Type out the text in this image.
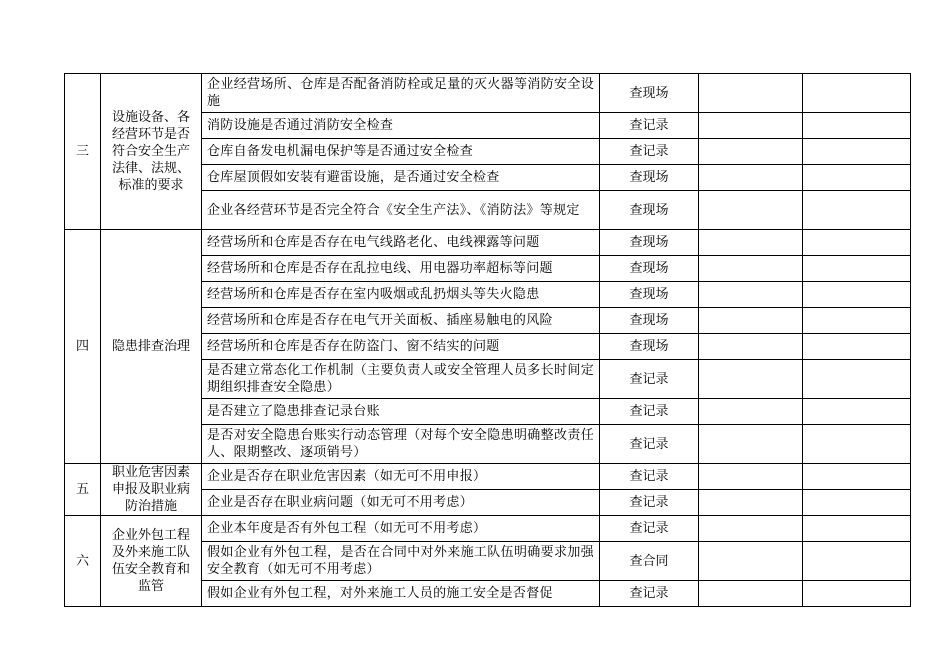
三	设施设备、各经营环节是否符合安全生产法律、法规、标准的要求	企业经营场所、仓库是否配备消防栓或足量的灭火器等消防安全设施	查现场		
		消防设施是否通过消防安全检查	查记录		
		仓库自备发电机漏电保护等是否通过安全检查	查记录		
		仓库屋顶假如安装有避雷设施，是否通过安全检查	查现场		
		企业各经营环节是否完全符合《安全生产法》、《消防法》等规定	查现场		
四	隐患排查治理	经营场所和仓库是否存在电气线路老化、电线裸露等问题	查现场		
		经营场所和仓库是否存在乱拉电线、用电器功率超标等问题	查现场		
		经营场所和仓库是否存在室内吸烟或乱扔烟头等失火隐患	查现场		
		经营场所和仓库是否存在电气开关面板、插座易触电的风险	查现场		
		经营场所和仓库是否存在防盗门、窗不结实的问题	查现场		
		是否建立常态化工作机制（主要负责人或安全管理人员多长时间定期组织排查安全隐患）	查记录		
		是否建立了隐患排查记录台账	查记录		
		是否对安全隐患台账实行动态管理（对每个安全隐患明确整改责任人、限期整改、逐项销号）	查记录		
五	职业危害因素申报及职业病防治措施	企业是否存在职业危害因素（如无可不用申报）	查记录		
		企业是否存在职业病问题（如无可不用考虑）	查记录		
六	企业外包工程及外来施工队伍安全教育和监管	企业本年度是否有外包工程（如无可不用考虑）	查记录		
		假如企业有外包工程，是否在合同中对外来施工队伍明确要求加强安全教育（如无可不用考虑）	查合同		
		假如企业有外包工程，对外来施工人员的施工安全是否督促	查记录		
